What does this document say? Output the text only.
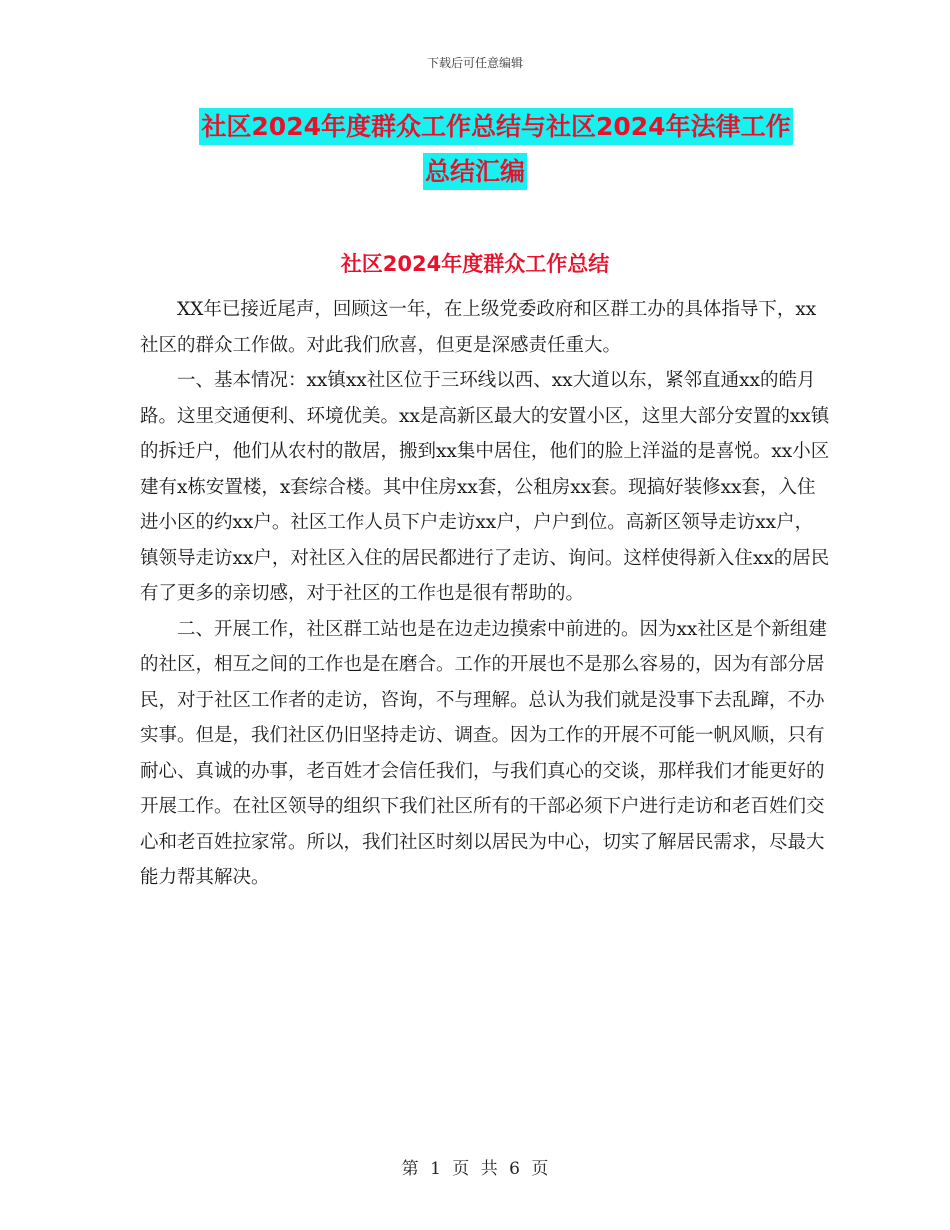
下载后可任意编辑
社区2024年度群众工作总结与社区2024年法律工作
总结汇编
社区2024年度群众工作总结

XX年已接近尾声，回顾这一年，在上级党委政府和区群工办的具体指导下，xx社区的群众工作做。对此我们欣喜，但更是深感责任重大。

一、基本情况：xx镇xx社区位于三环线以西、xx大道以东，紧邻直通xx的皓月路。这里交通便利、环境优美。xx是高新区最大的安置小区，这里大部分安置的xx镇的拆迁户，他们从农村的散居，搬到xx集中居住，他们的脸上洋溢的是喜悦。xx小区建有x栋安置楼，x套综合楼。其中住房xx套，公租房xx套。现搞好装修xx套，入住进小区的约xx户。社区工作人员下户走访xx户，户户到位。高新区领导走访xx户，镇领导走访xx户，对社区入住的居民都进行了走访、询问。这样使得新入住xx的居民有了更多的亲切感，对于社区的工作也是很有帮助的。

二、开展工作，社区群工站也是在边走边摸索中前进的。因为xx社区是个新组建的社区，相互之间的工作也是在磨合。工作的开展也不是那么容易的，因为有部分居民，对于社区工作者的走访，咨询，不与理解。总认为我们就是没事下去乱蹿，不办实事。但是，我们社区仍旧坚持走访、调查。因为工作的开展不可能一帆风顺，只有耐心、真诚的办事，老百姓才会信任我们，与我们真心的交谈，那样我们才能更好的开展工作。在社区领导的组织下我们社区所有的干部必须下户进行走访和老百姓们交心和老百姓拉家常。所以，我们社区时刻以居民为中心，切实了解居民需求，尽最大能力帮其解决。

第 1 页 共 6 页
